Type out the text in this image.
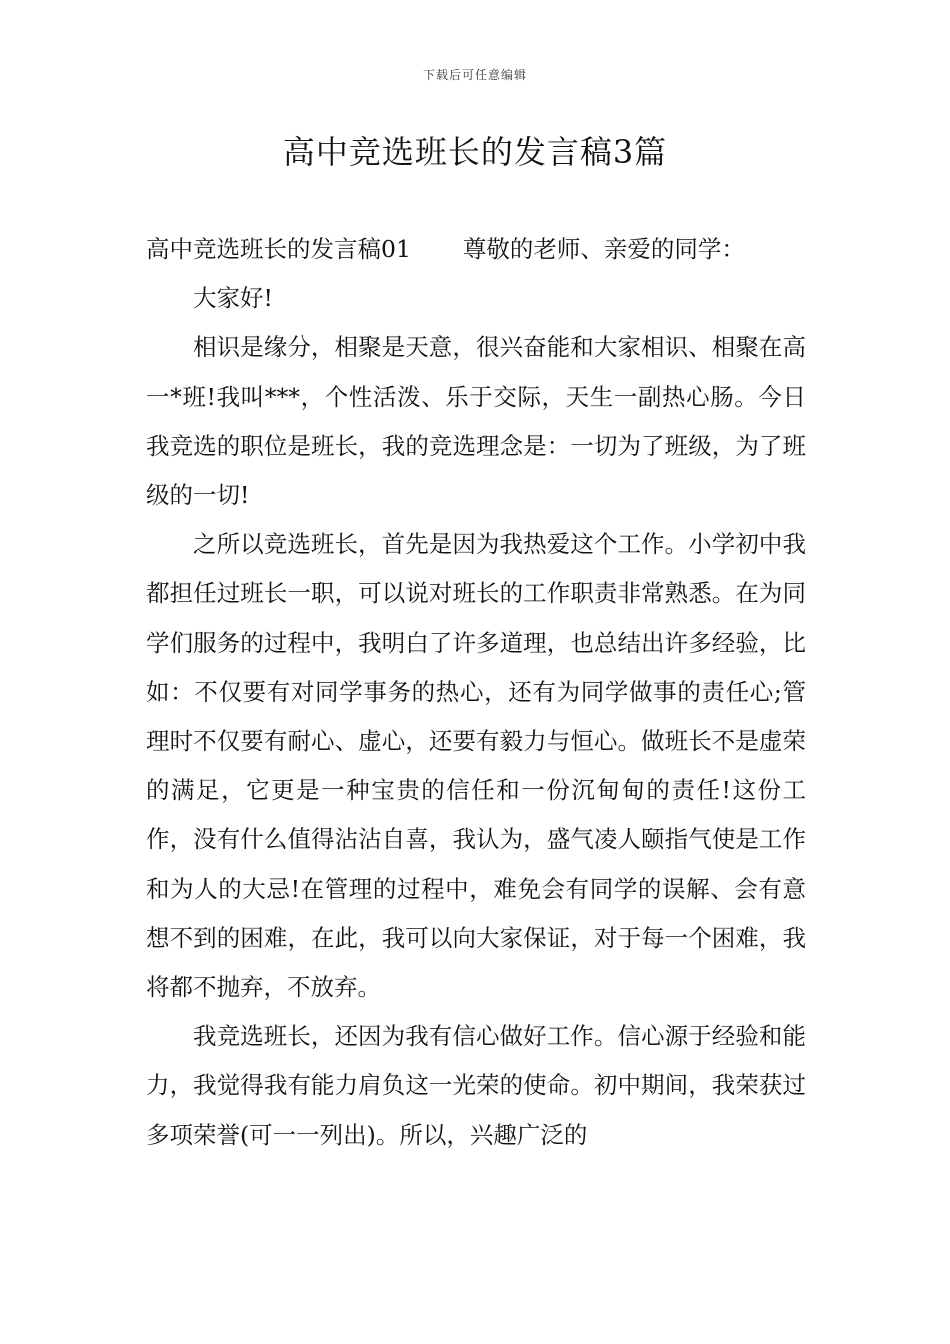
下载后可任意编辑
高中竞选班长的发言稿3篇

高中竞选班长的发言稿01 尊敬的老师、亲爱的同学：

大家好!

相识是缘分，相聚是天意，很兴奋能和大家相识、相聚在高一*班!我叫***，个性活泼、乐于交际，天生一副热心肠。今日我竞选的职位是班长，我的竞选理念是：一切为了班级，为了班级的一切!

之所以竞选班长，首先是因为我热爱这个工作。小学初中我都担任过班长一职，可以说对班长的工作职责非常熟悉。在为同学们服务的过程中，我明白了许多道理，也总结出许多经验，比如：不仅要有对同学事务的热心，还有为同学做事的责任心;管理时不仅要有耐心、虚心，还要有毅力与恒心。做班长不是虚荣的满足，它更是一种宝贵的信任和一份沉甸甸的责任!这份工作，没有什么值得沾沾自喜，我认为，盛气凌人颐指气使是工作和为人的大忌!在管理的过程中，难免会有同学的误解、会有意想不到的困难，在此，我可以向大家保证，对于每一个困难，我将都不抛弃，不放弃。

我竞选班长，还因为我有信心做好工作。信心源于经验和能力，我觉得我有能力肩负这一光荣的使命。初中期间，我荣获过多项荣誉(可一一列出)。所以，兴趣广泛的
